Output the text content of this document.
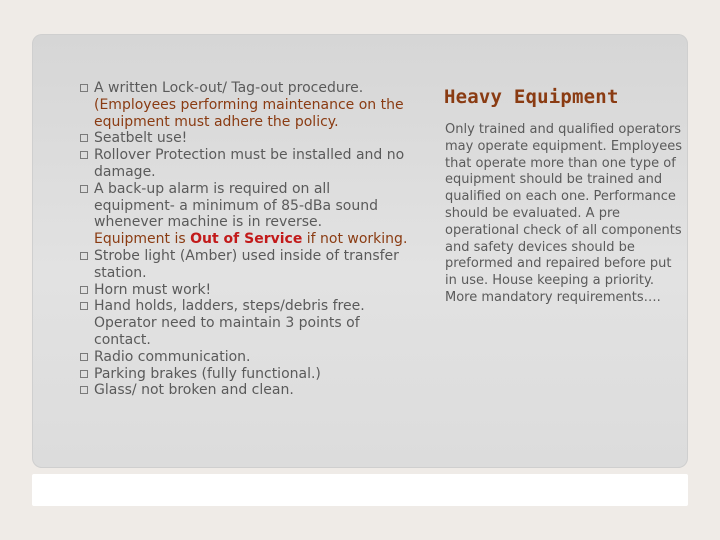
A written Lock-out/ Tag-out procedure.
(Employees performing maintenance on the equipment must adhere the policy.
Seatbelt use!
Rollover Protection must be installed and no damage.
A back-up alarm is required on all equipment- a minimum of 85-dBa sound whenever machine is in reverse.
Equipment is Out of Service if not working.
Strobe light (Amber) used inside of transfer station.
Horn must work!
Hand holds, ladders, steps/debris free.
Operator need to maintain 3 points of contact.
Radio communication.
Parking brakes (fully functional.)
Glass/ not broken and clean.
Heavy Equipment

Only trained and qualified operators may operate equipment. Employees that operate more than one type of equipment should be trained and qualified on each one. Performance should be evaluated. A pre operational check of all components and safety devices should be preformed and repaired before put in use. House keeping a priority. More mandatory requirements….
